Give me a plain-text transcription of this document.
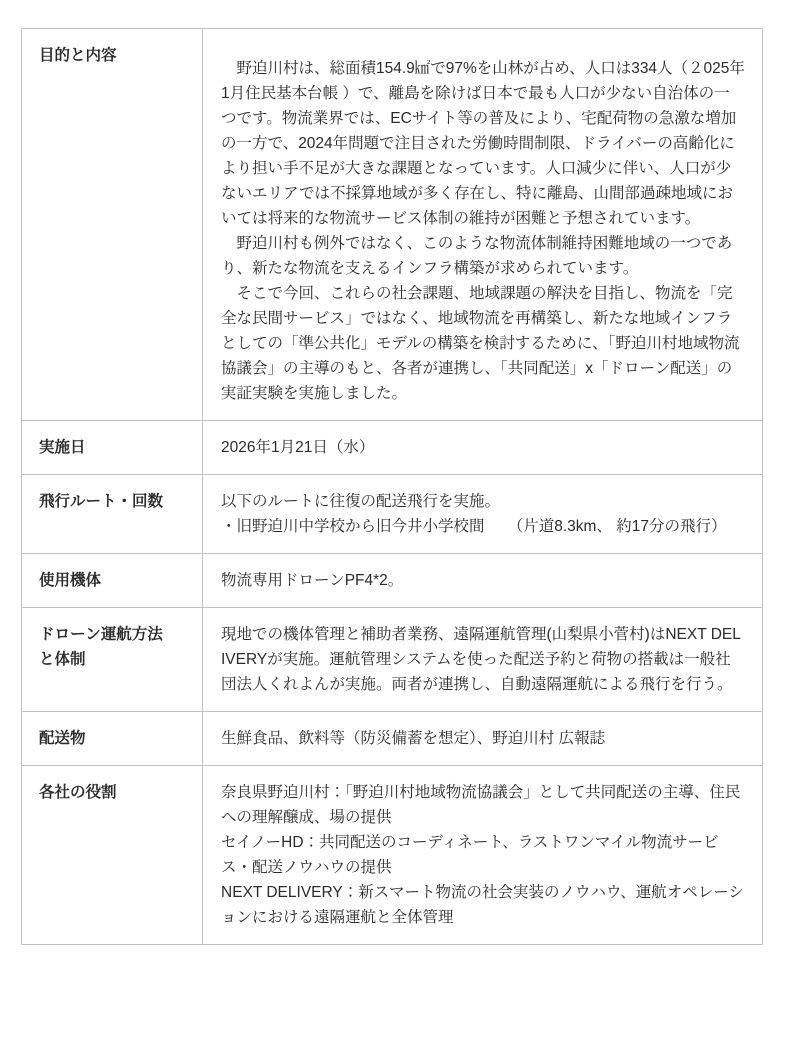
目的と内容	　野迫川村は、総面積154.9㎢で97%を山林が占め、人口は334人（２025年1月住民基本台帳 ）で、離島を除けば日本で最も人口が少ない自治体の一つです。物流業界では、ECサイト等の普及により、宅配荷物の急激な増加の一方で、2024年問題で注目された労働時間制限、ドライバーの高齢化により担い手不足が大きな課題となっています。人口減少に伴い、人口が少ないエリアでは不採算地域が多く存在し、特に離島、山間部過疎地域においては将来的な物流サービス体制の維持が困難と予想されています。

　野迫川村も例外ではなく、このような物流体制維持困難地域の一つであり、新たな物流を支えるインフラ構築が求められています。

　そこで今回、これらの社会課題、地域課題の解決を目指し、物流を「完全な民間サービス」ではなく、地域物流を再構築し、新たな地域インフラとしての「準公共化」モデルの構築を検討するために、「野迫川村地域物流協議会」の主導のもと、各者が連携し、「共同配送」x「ドローン配送」の実証実験を実施しました。

実施日	2026年1月21日（水）

飛行ルート・回数	以下のルートに往復の配送飛行を実施。

・旧野迫川中学校から旧今井小学校間　　（片道8.3km、 約17分の飛行）

使用機体	物流専用ドローンPF4*2。

ドローン運航方法と体制	現地での機体管理と補助者業務、遠隔運航管理(山梨県小菅村)はNEXT DELIVERYが実施。運航管理システムを使った配送予約と荷物の搭載は一般社団法人くれよんが実施。両者が連携し、自動遠隔運航による飛行を行う。

配送物	生鮮食品、飲料等（防災備蓄を想定）、野迫川村 広報誌

各社の役割	奈良県野迫川村：「野迫川村地域物流協議会」として共同配送の主導、住民への理解醸成、場の提供

セイノーHD：共同配送のコーディネート、ラストワンマイル物流サービス・配送ノウハウの提供

NEXT DELIVERY：新スマート物流の社会実装のノウハウ、運航オペレーションにおける遠隔運航と全体管理
